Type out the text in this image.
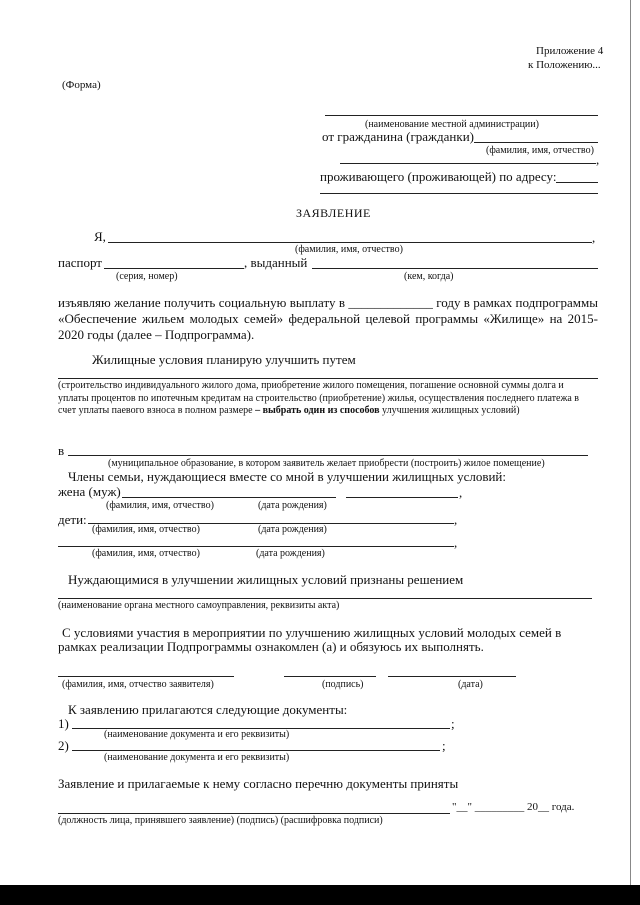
Приложение 4
к Положению...
(Форма)
(наименование местной администрации)
от гражданина (гражданки)
(фамилия, имя, отчество)
,
проживающего (проживающей) по адресу:
ЗАЯВЛЕНИЕ
Я,	,
(фамилия, имя, отчество)
паспорт	, выданный
(серия, номер)	(кем, когда)
изъявляю желание получить социальную выплату в _____________ году в рамках подпрограммы «Обеспечение жильем молодых семей» федеральной целевой программы «Жилище» на 2015-2020 годы (далее – Подпрограмма).
Жилищные условия планирую улучшить путем
(строительство индивидуального жилого дома, приобретение жилого помещения, погашение основной суммы долга и уплаты процентов по ипотечным кредитам на строительство (приобретение) жилья, осуществления последнего платежа в счет уплаты паевого взноса в полном размере – выбрать один из способов улучшения жилищных условий)
в
(муниципальное образование, в котором заявитель желает приобрести (построить) жилое помещение)
Члены семьи, нуждающиеся вместе со мной в улучшении жилищных условий:
жена (муж)	,
(фамилия, имя, отчество)	(дата рождения)
дети:	,
(фамилия, имя, отчество)	(дата рождения)
,
(фамилия, имя, отчество)	(дата рождения)
Нуждающимися в улучшении жилищных условий признаны решением
(наименование органа местного самоуправления, реквизиты акта)
С условиями участия в мероприятии по улучшению жилищных условий молодых семей в
рамках реализации Подпрограммы ознакомлен (а) и обязуюсь их выполнять.
(фамилия, имя, отчество заявителя)	(подпись)	(дата)
К заявлению прилагаются следующие документы:
1)	;
(наименование документа и его реквизиты)
2)	;
(наименование документа и его реквизиты)
Заявление и прилагаемые к нему согласно перечню документы приняты
"__" _________ 20__ года.
(должность лица, принявшего заявление) (подпись) (расшифровка подписи)
